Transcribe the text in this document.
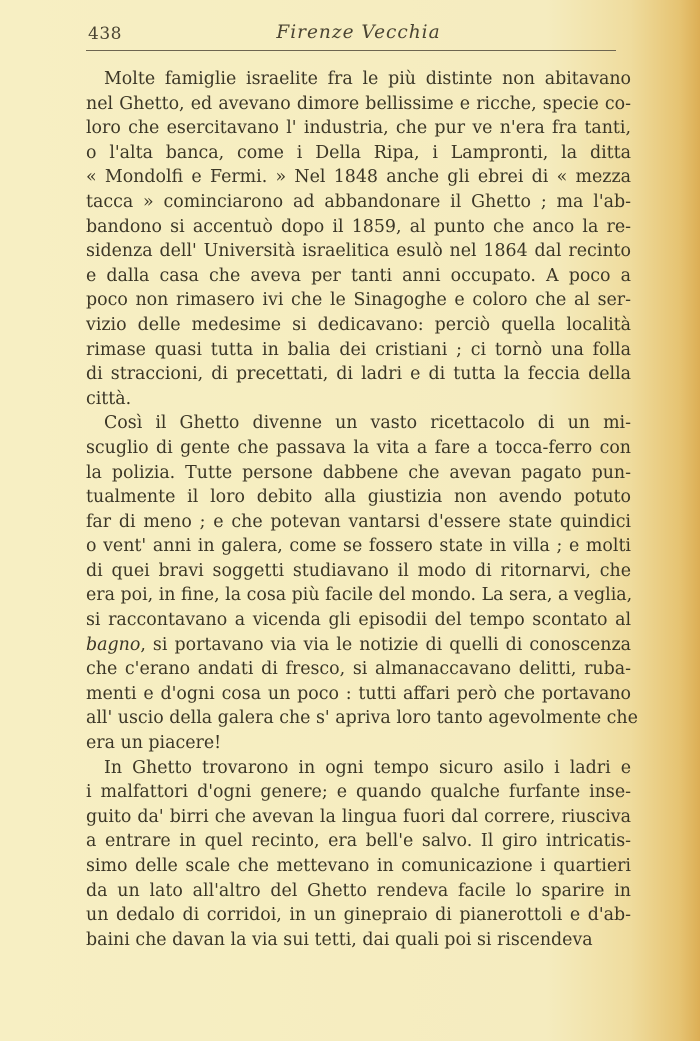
438	Firenze Vecchia

Molte famiglie israelite fra le più distinte non abitavano
nel Ghetto, ed avevano dimore bellissime e ricche, specie co-
loro che esercitavano l' industria, che pur ve n'era fra tanti,
o l'alta banca, come i Della Ripa, i Lampronti, la ditta
« Mondolfi e Fermi. » Nel 1848 anche gli ebrei di « mezza
tacca » cominciarono ad abbandonare il Ghetto ; ma l'ab-
bandono si accentuò dopo il 1859, al punto che anco la re-
sidenza dell' Università israelitica esulò nel 1864 dal recinto
e dalla casa che aveva per tanti anni occupato. A poco a
poco non rimasero ivi che le Sinagoghe e coloro che al ser-
vizio delle medesime si dedicavano: perciò quella località
rimase quasi tutta in balia dei cristiani ; ci tornò una folla
di straccioni, di precettati, di ladri e di tutta la feccia della
città.

Così il Ghetto divenne un vasto ricettacolo di un mi-
scuglio di gente che passava la vita a fare a tocca-ferro con
la polizia. Tutte persone dabbene che avevan pagato pun-
tualmente il loro debito alla giustizia non avendo potuto
far di meno ; e che potevan vantarsi d'essere state quindici
o vent' anni in galera, come se fossero state in villa ; e molti
di quei bravi soggetti studiavano il modo di ritornarvi, che
era poi, in fine, la cosa più facile del mondo. La sera, a veglia,
si raccontavano a vicenda gli episodii del tempo scontato al
bagno, si portavano via via le notizie di quelli di conoscenza
che c'erano andati di fresco, si almanaccavano delitti, ruba-
menti e d'ogni cosa un poco : tutti affari però che portavano
all' uscio della galera che s' apriva loro tanto agevolmente che
era un piacere!

In Ghetto trovarono in ogni tempo sicuro asilo i ladri e
i malfattori d'ogni genere; e quando qualche furfante inse-
guito da' birri che avevan la lingua fuori dal correre, riusciva
a entrare in quel recinto, era bell'e salvo. Il giro intricatis-
simo delle scale che mettevano in comunicazione i quartieri
da un lato all'altro del Ghetto rendeva facile lo sparire in
un dedalo di corridoi, in un ginepraio di pianerottoli e d'ab-
baini che davan la via sui tetti, dai quali poi si riscendeva
